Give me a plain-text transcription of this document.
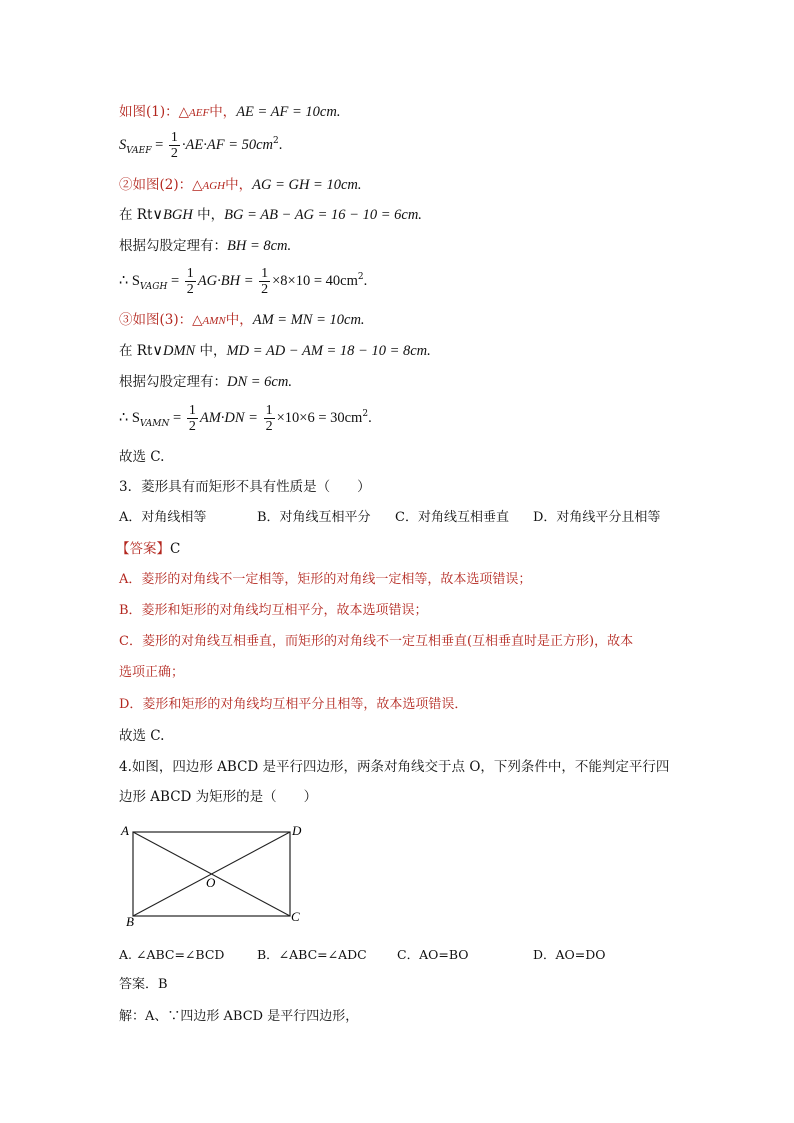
如图(1)：△AEF中，AE = AF = 10cm.
$S_{VAEF} = \frac{1}{2} \cdot AE\cdot AF = 50cm^2$.
②如图(2)：△AGH中，AG = GH = 10cm.
在 Rt∨BGH 中，BG = AB − AG = 16 − 10 = 6cm.
根据勾股定理有：BH = 8cm.
∴ $S_{VAGH} = \frac{1}{2} AG\cdot BH = \frac{1}{2} \times 8\times 10 = 40cm^2$.
③如图(3)：△AMN中，AM = MN = 10cm.
在 Rt∨DMN 中，MD = AD − AM = 18 − 10 = 8cm.
根据勾股定理有：DN = 6cm.
∴ $S_{VAMN} = \frac{1}{2} AM\cdot DN = \frac{1}{2} \times 10\times 6 = 30cm^2$.
故选 C.
3．菱形具有而矩形不具有性质是（　　）
A．对角线相等	B．对角线互相平分 C．对角线互相垂直 D．对角线平分且相等
【答案】C
A．菱形的对角线不一定相等，矩形的对角线一定相等，故本选项错误；
B．菱形和矩形的对角线均互相平分，故本选项错误；
C．菱形的对角线互相垂直，而矩形的对角线不一定互相垂直(互相垂直时是正方形)，故本
选项正确；
D．菱形和矩形的对角线均互相平分且相等，故本选项错误．
故选 C.
4.如图，四边形 ABCD 是平行四边形，两条对角线交于点 O，下列条件中，不能判定平行四
边形 ABCD 为矩形的是（　　）
A	D
B	C
O
A. ∠ABC=∠BCD	B．∠ABC=∠ADC C．AO=BO	D．AO=DO
答案．B
解：A、∵四边形 ABCD 是平行四边形，
